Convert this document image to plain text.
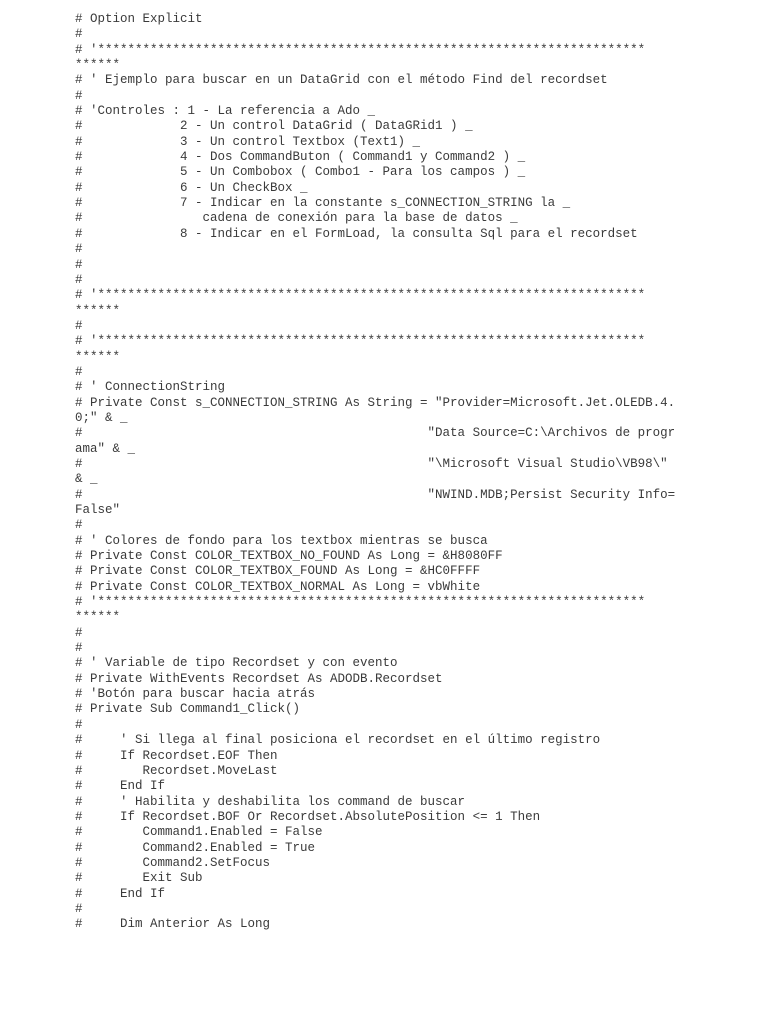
# Option Explicit
#
# '*************************************************************************
******
# ' Ejemplo para buscar en un DataGrid con el método Find del recordset
#
# 'Controles : 1 - La referencia a Ado _
#             2 - Un control DataGrid ( DataGRid1 ) _
#             3 - Un control Textbox (Text1) _
#             4 - Dos CommandButon ( Command1 y Command2 ) _
#             5 - Un Combobox ( Combo1 - Para los campos ) _
#             6 - Un CheckBox _
#             7 - Indicar en la constante s_CONNECTION_STRING la _
#                cadena de conexión para la base de datos _
#             8 - Indicar en el FormLoad, la consulta Sql para el recordset
#
#
#
# '*************************************************************************
******
#
# '*************************************************************************
******
#
# ' ConnectionString
# Private Const s_CONNECTION_STRING As String = "Provider=Microsoft.Jet.OLEDB.4.
0;" & _
#                                              "Data Source=C:\Archivos de progr
ama" & _
#                                              "\Microsoft Visual Studio\VB98\"
& _
#                                              "NWIND.MDB;Persist Security Info=
False"
#
# ' Colores de fondo para los textbox mientras se busca
# Private Const COLOR_TEXTBOX_NO_FOUND As Long = &H8080FF
# Private Const COLOR_TEXTBOX_FOUND As Long = &HC0FFFF
# Private Const COLOR_TEXTBOX_NORMAL As Long = vbWhite
# '*************************************************************************
******
#
#
# ' Variable de tipo Recordset y con evento
# Private WithEvents Recordset As ADODB.Recordset
# 'Botón para buscar hacia atrás
# Private Sub Command1_Click()
#
#     ' Si llega al final posiciona el recordset en el último registro
#     If Recordset.EOF Then
#        Recordset.MoveLast
#     End If
#     ' Habilita y deshabilita los command de buscar
#     If Recordset.BOF Or Recordset.AbsolutePosition <= 1 Then
#        Command1.Enabled = False
#        Command2.Enabled = True
#        Command2.SetFocus
#        Exit Sub
#     End If
#
#     Dim Anterior As Long
